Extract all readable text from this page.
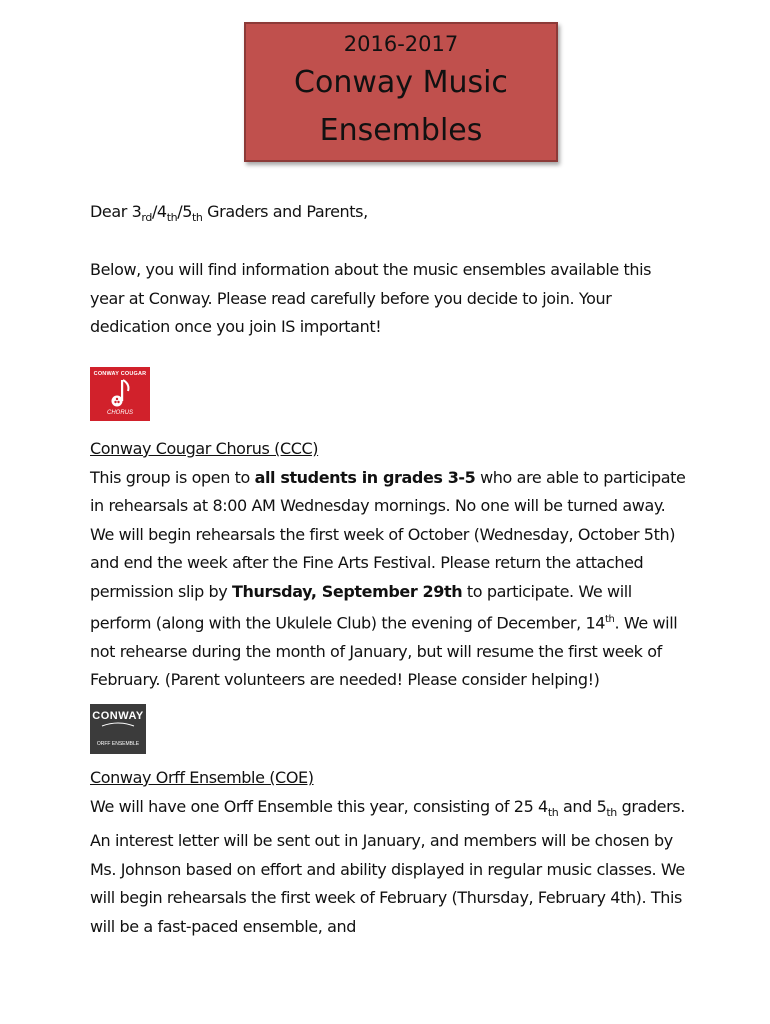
2016-2017
Conway Music
Ensembles
Dear $3_{rd}/4_{th}/5_{th}$ Graders and Parents,
Below, you will find information about the music ensembles available this year at Conway. Please read carefully before you decide to join. Your dedication once you join IS important!
CONWAY COUGAR
CHORUS
Conway Cougar Chorus (CCC)
This group is open to all students in grades 3-5 who are able to participate in rehearsals at 8:00 AM Wednesday mornings. No one will be turned away. We will begin rehearsals the first week of October (Wednesday, October 5th) and end the week after the Fine Arts Festival. Please return the attached permission slip by Thursday, September 29th to participate. We will perform (along with the Ukulele Club) the evening of December, 14th. We will not rehearse during the month of January, but will resume the first week of February. (Parent volunteers are needed! Please consider helping!)
CONWAY
ORFF ENSEMBLE
Conway Orff Ensemble (COE)
We will have one Orff Ensemble this year, consisting of 25 $4_{th}$ and $5_{th}$ graders. An interest letter will be sent out in January, and members will be chosen by Ms. Johnson based on effort and ability displayed in regular music classes. We will begin rehearsals the first week of February (Thursday, February 4th). This will be a fast-paced ensemble, and
